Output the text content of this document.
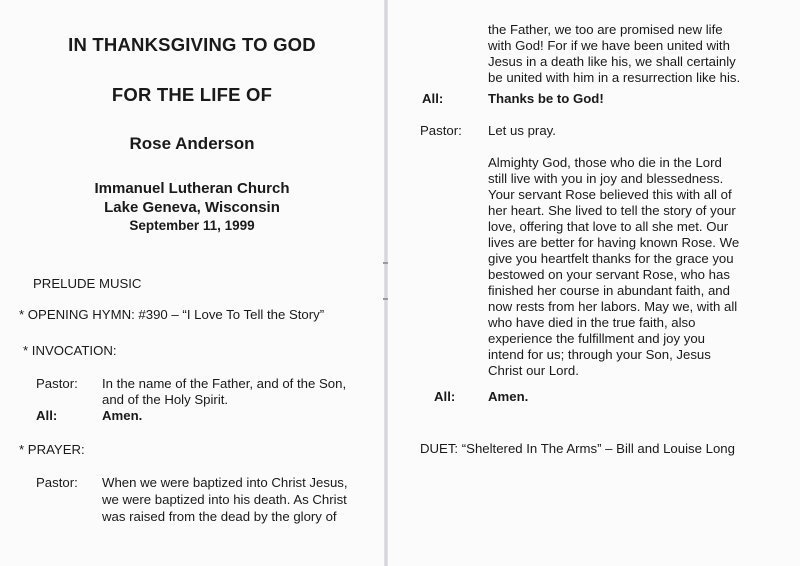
IN THANKSGIVING TO GOD
FOR THE LIFE OF
Rose Anderson
Immanuel Lutheran Church
Lake Geneva, Wisconsin
September 11, 1999
PRELUDE MUSIC
* OPENING HYMN: #390 – “I Love To Tell the Story”
* INVOCATION:
Pastor: In the name of the Father, and of the Son,
and of the Holy Spirit.
All:	Amen.
* PRAYER:
Pastor: When we were baptized into Christ Jesus,
we were baptized into his death. As Christ
was raised from the dead by the glory of
the Father, we too are promised new life
with God! For if we have been united with
Jesus in a death like his, we shall certainly
be united with him in a resurrection like his.
All:	Thanks be to God!
Pastor: Let us pray.
Almighty God, those who die in the Lord
still live with you in joy and blessedness.
Your servant Rose believed this with all of
her heart. She lived to tell the story of your
love, offering that love to all she met. Our
lives are better for having known Rose. We
give you heartfelt thanks for the grace you
bestowed on your servant Rose, who has
finished her course in abundant faith, and
now rests from her labors. May we, with all
who have died in the true faith, also
experience the fulfillment and joy you
intend for us; through your Son, Jesus
Christ our Lord.
All: Amen.
DUET: “Sheltered In The Arms” – Bill and Louise Long
